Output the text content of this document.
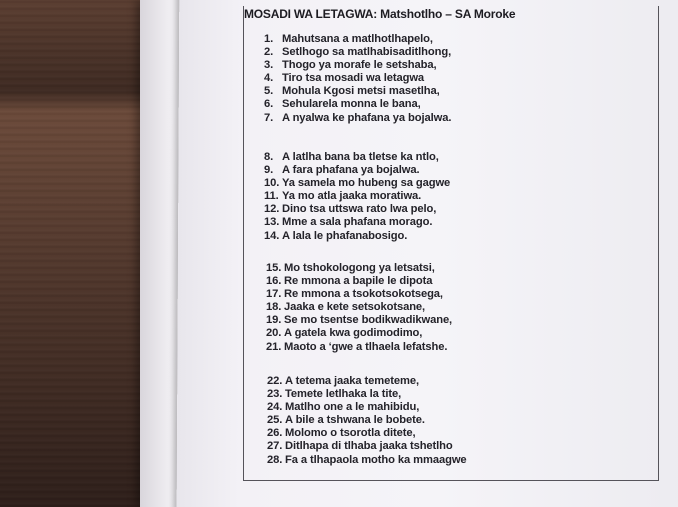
MOSADI WA LETAGWA: Matshotlho – SA Moroke
1. Mahutsana a matlhotlhapelo,
2. Setlhogo sa matlhabisaditlhong,
3. Thogo ya morafe le setshaba,
4. Tiro tsa mosadi wa letagwa
5. Mohula Kgosi metsi masetlha,
6. Sehularela monna le bana,
7. A nyalwa ke phafana ya bojalwa.
8. A latlha bana ba tletse ka ntlo,
9. A fara phafana ya bojalwa.
10. Ya samela mo hubeng sa gagwe
11. Ya mo atla jaaka moratiwa.
12. Dino tsa uttswa rato lwa pelo,
13. Mme a sala phafana morago.
14. A lala le phafanabosigo.
15. Mo tshokologong ya letsatsi,
16. Re mmona a bapile le dipota
17. Re mmona a tsokotsokotsega,
18. Jaaka e kete setsokotsane,
19. Se mo tsentse bodikwadikwane,
20. A gatela kwa godimodimo,
21. Maoto a ‘gwe a tlhaela lefatshe.
22. A tetema jaaka temeteme,
23. Temete letlhaka la tite,
24. Matlho one a le mahibidu,
25. A bile a tshwana le bobete.
26. Molomo o tsorotla ditete,
27. Ditlhapa di tlhaba jaaka tshetlho
28. Fa a tlhapaola motho ka mmaagwe
